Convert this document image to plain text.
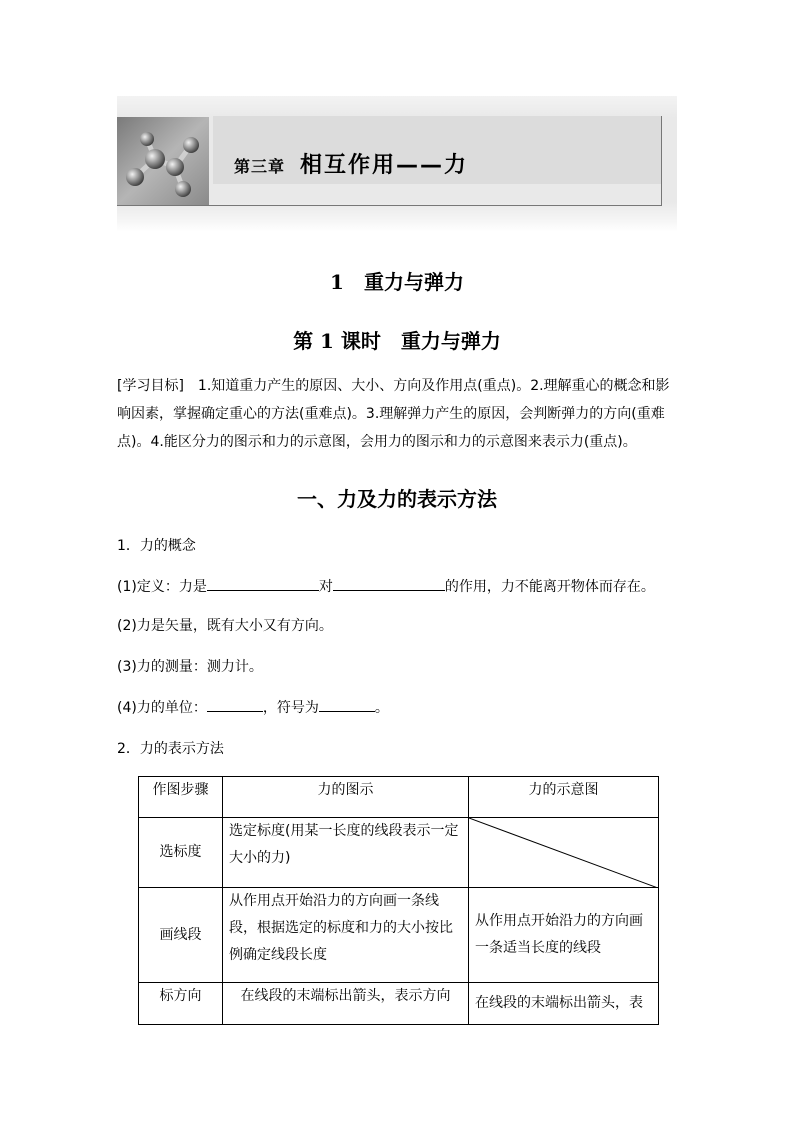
第三章 相互作用——力
1　重力与弹力
第 1 课时　重力与弹力
[学习目标]　1.知道重力产生的原因、大小、方向及作用点(重点)。2.理解重心的概念和影响因素，掌握确定重心的方法(重难点)。3.理解弹力产生的原因，会判断弹力的方向(重难点)。4.能区分力的图示和力的示意图，会用力的图示和力的示意图来表示力(重点)。
一、力及力的表示方法
1．力的概念
(1)定义：力是	对	的作用，力不能离开物体而存在。
(2)力是矢量，既有大小又有方向。
(3)力的测量：测力计。
(4)力的单位：	，符号为	。
2．力的表示方法
作图步骤	力的图示	力的示意图
选标度	选定标度(用某一长度的线段表示一定大小的力)	

画线段	从作用点开始沿力的方向画一条线段，根据选定的标度和力的大小按比例确定线段长度	从作用点开始沿力的方向画一条适当长度的线段
标方向	在线段的末端标出箭头，表示方向	在线段的末端标出箭头，表
